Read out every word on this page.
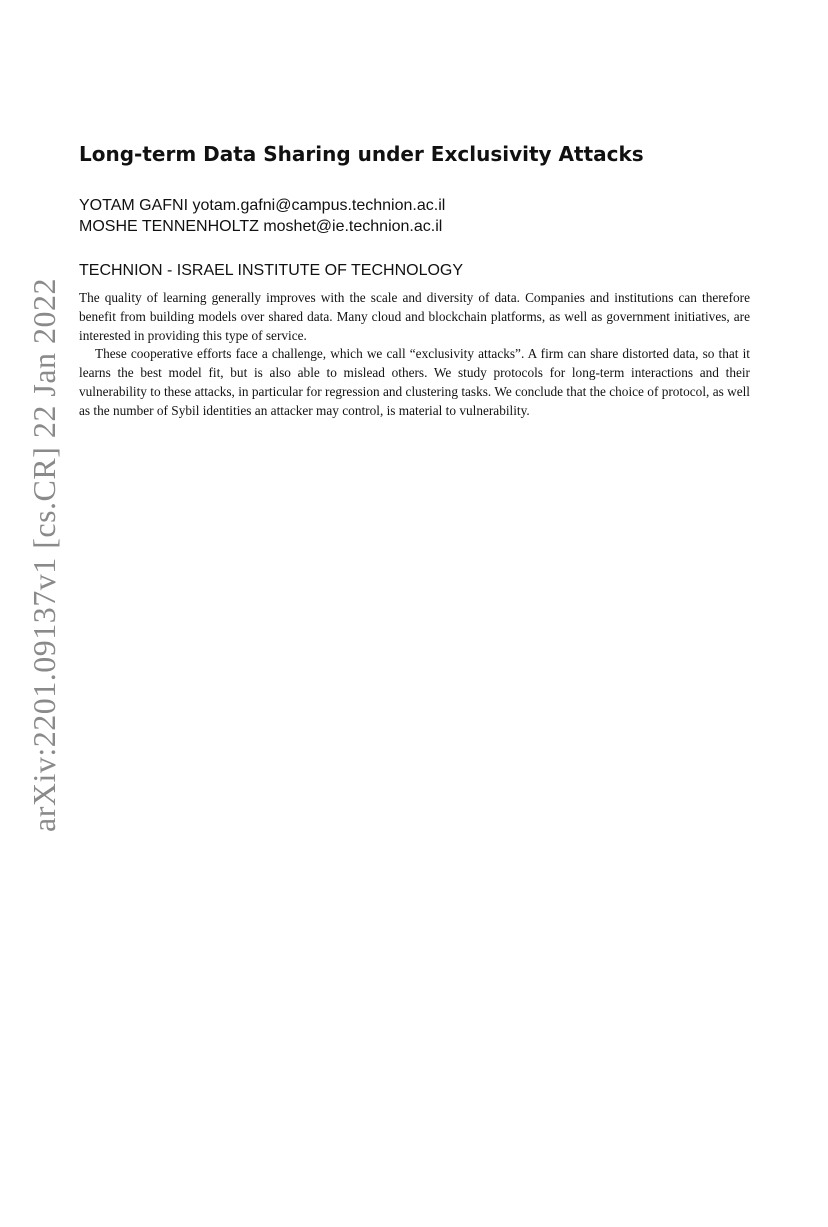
arXiv:2201.09137v1 [cs.CR] 22 Jan 2022
Long-term Data Sharing under Exclusivity Attacks
YOTAM GAFNI yotam.gafni@campus.technion.ac.il
MOSHE TENNENHOLTZ moshet@ie.technion.ac.il
TECHNION - ISRAEL INSTITUTE OF TECHNOLOGY

The quality of learning generally improves with the scale and diversity of data. Companies and institutions can therefore benefit from building models over shared data. Many cloud and blockchain platforms, as well as government initiatives, are interested in providing this type of service.

These cooperative efforts face a challenge, which we call “exclusivity attacks”. A firm can share distorted data, so that it learns the best model fit, but is also able to mislead others. We study protocols for long-term interactions and their vulnerability to these attacks, in particular for regression and clustering tasks. We conclude that the choice of protocol, as well as the number of Sybil identities an attacker may control, is material to vulnerability.
